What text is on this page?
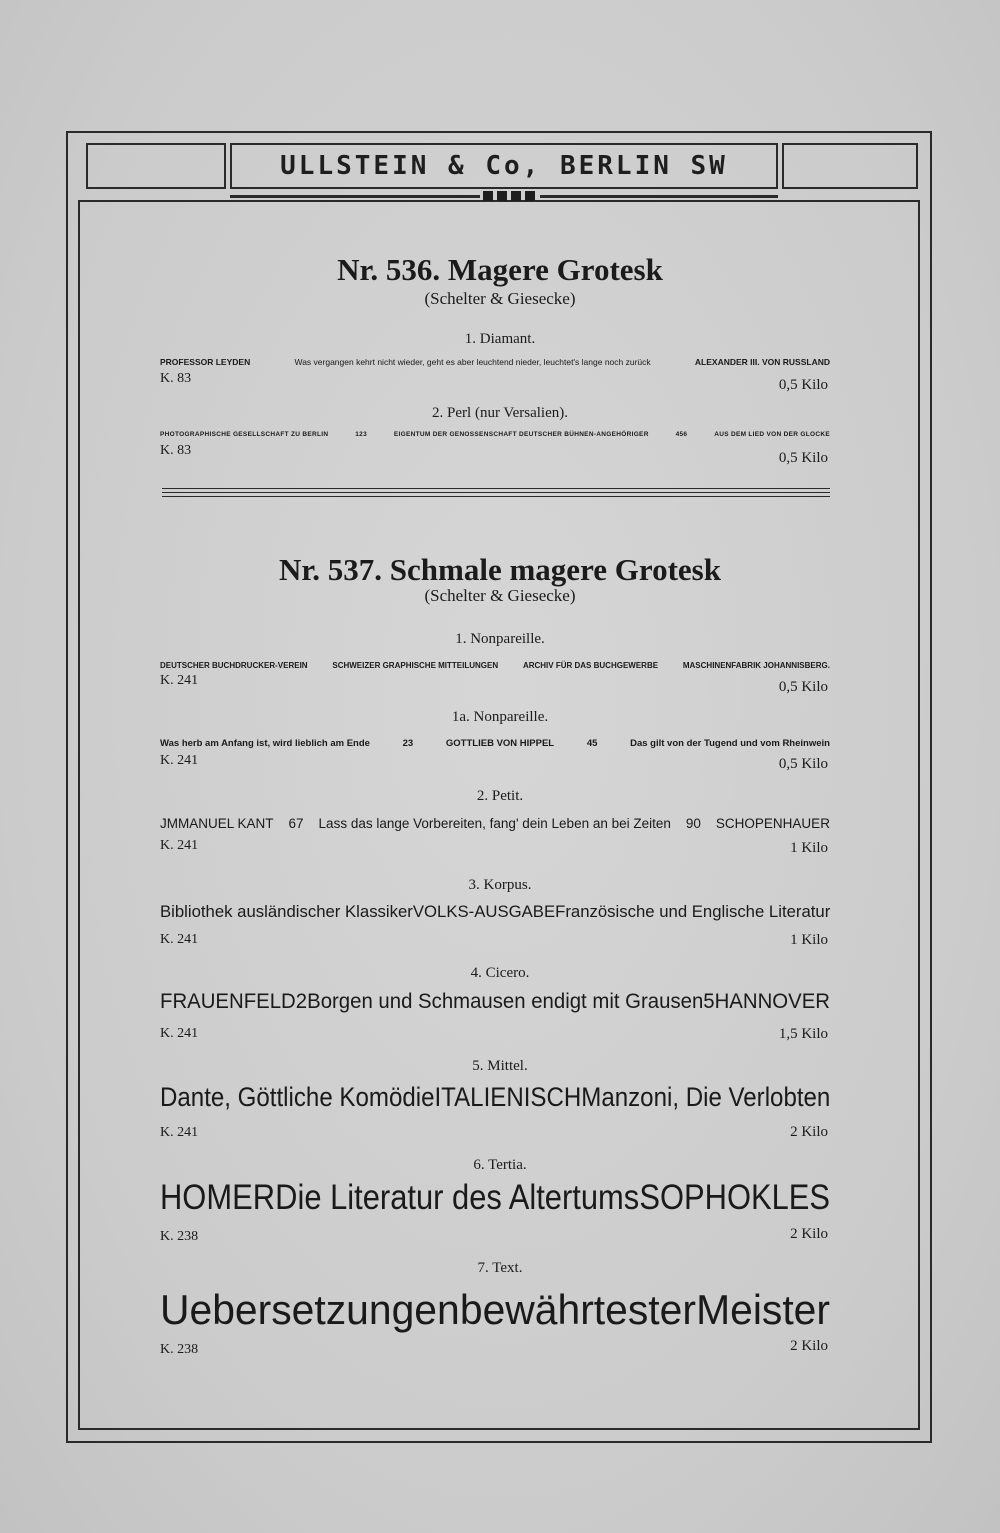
ULLSTEIN & Co, BERLIN SW
Nr. 536. Magere Grotesk
(Schelter & Giesecke)
1. Diamant.
PROFESSOR LEYDEN	Was vergangen kehrt nicht wieder, geht es aber leuchtend nieder, leuchtet's lange noch zurück	ALEXANDER III. VON RUSSLAND
K. 83	0,5 Kilo
2. Perl (nur Versalien).
PHOTOGRAPHISCHE GESELLSCHAFT ZU BERLIN	123	EIGENTUM DER GENOSSENSCHAFT DEUTSCHER BÜHNEN-ANGEHÖRIGER	456	AUS DEM LIED VON DER GLOCKE
K. 83	0,5 Kilo
Nr. 537. Schmale magere Grotesk
(Schelter & Giesecke)
1. Nonpareille.
DEUTSCHER BUCHDRUCKER-VEREIN	SCHWEIZER GRAPHISCHE MITTEILUNGEN	ARCHIV FÜR DAS BUCHGEWERBE	MASCHINENFABRIK JOHANNISBERG.
K. 241	0,5 Kilo
1a. Nonpareille.
Was herb am Anfang ist, wird lieblich am Ende	23	GOTTLIEB VON HIPPEL	45	Das gilt von der Tugend und vom Rheinwein
K. 241	0,5 Kilo
2. Petit.
JMMANUEL KANT 67 Lass das lange Vorbereiten, fang' dein Leben an bei Zeiten 90 SCHOPENHAUER
K. 241	1 Kilo
3. Korpus.
Bibliothek ausländischer Klassiker VOLKS-AUSGABE Französische und Englische Literatur
K. 241	1 Kilo
4. Cicero.
FRAUENFELD 2 Borgen und Schmausen endigt mit Grausen 5 HANNOVER
K. 241	1,5 Kilo
5. Mittel.
Dante, Göttliche Komödie ITALIENISCH Manzoni, Die Verlobten
K. 241	2 Kilo
6. Tertia.
HOMER Die Literatur des Altertums SOPHOKLES
K. 238	2 Kilo
7. Text.
Uebersetzungen bewährtester Meister
K. 238	2 Kilo
